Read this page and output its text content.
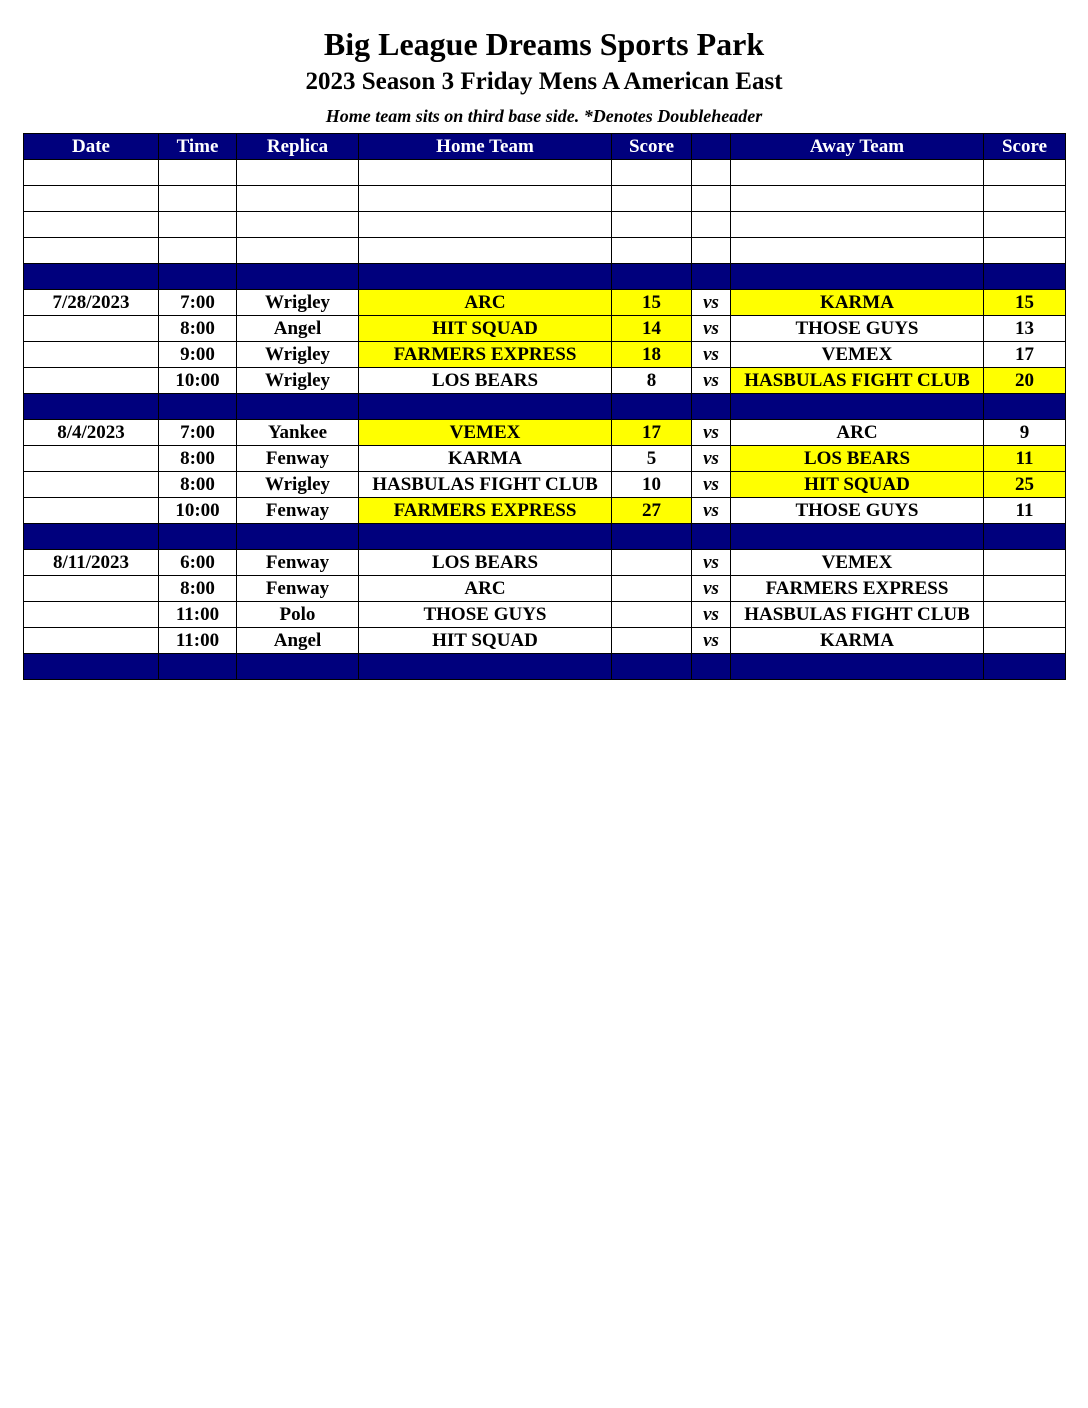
Big League Dreams Sports Park
2023 Season 3 Friday Mens A American East
Home team sits on third base side. *Denotes Doubleheader
Date	Time	Replica	Home Team	Score		Away Team	Score

7/28/2023	7:00	Wrigley	ARC	15	vs	KARMA	15
	8:00	Angel	HIT SQUAD	14	vs	THOSE GUYS	13
	9:00	Wrigley	FARMERS EXPRESS	18	vs	VEMEX	17
	10:00	Wrigley	LOS BEARS	8	vs	HASBULAS FIGHT CLUB	20

8/4/2023	7:00	Yankee	VEMEX	17	vs	ARC	9
	8:00	Fenway	KARMA	5	vs	LOS BEARS	11
	8:00	Wrigley	HASBULAS FIGHT CLUB	10	vs	HIT SQUAD	25
	10:00	Fenway	FARMERS EXPRESS	27	vs	THOSE GUYS	11

8/11/2023	6:00	Fenway	LOS BEARS		vs	VEMEX	
	8:00	Fenway	ARC		vs	FARMERS EXPRESS	
	11:00	Polo	THOSE GUYS		vs	HASBULAS FIGHT CLUB	
	11:00	Angel	HIT SQUAD		vs	KARMA	
